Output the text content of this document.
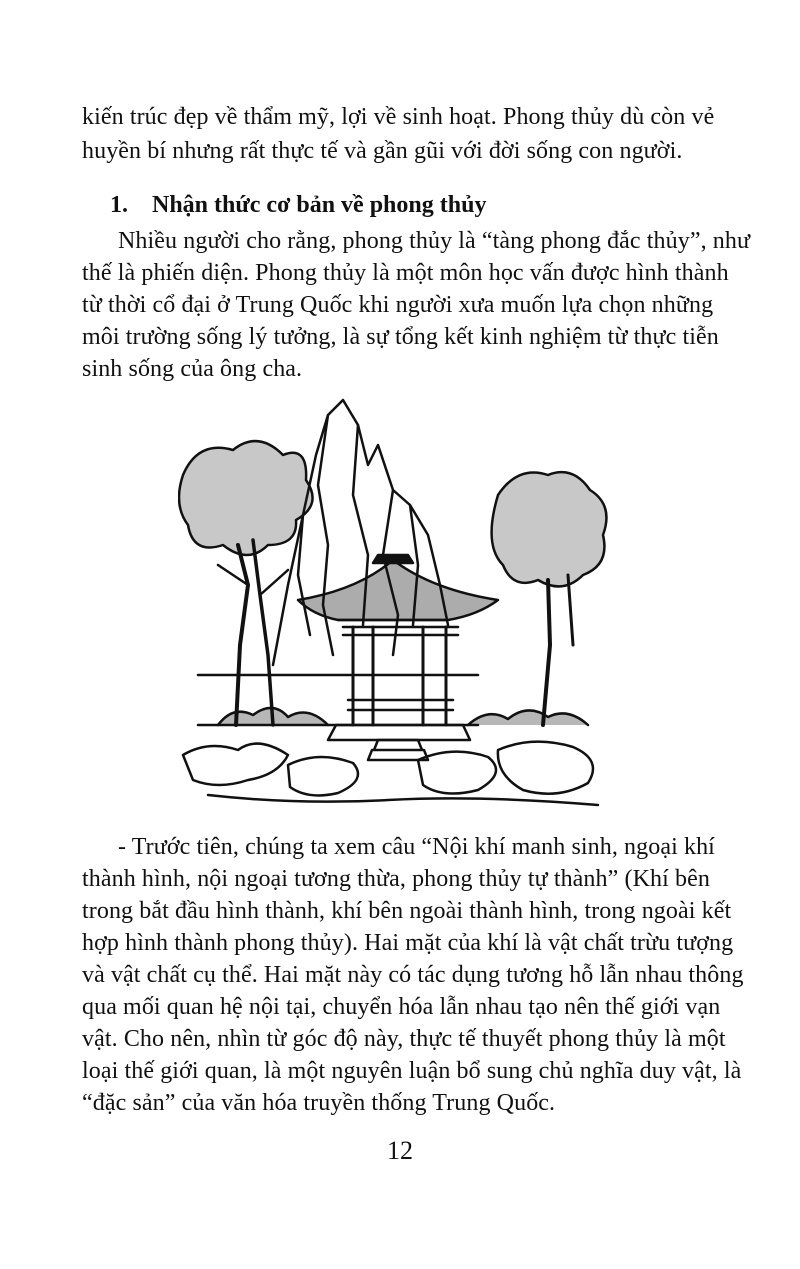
kiến trúc đẹp về thẩm mỹ, lợi về sinh hoạt. Phong thủy dù còn vẻ
huyền bí nhưng rất thực tế và gần gũi với đời sống con người.
1. Nhận thức cơ bản về phong thủy
Nhiều người cho rằng, phong thủy là “tàng phong đắc thủy”, như
thế là phiến diện. Phong thủy là một môn học vấn được hình thành
từ thời cổ đại ở Trung Quốc khi người xưa muốn lựa chọn những
môi trường sống lý tưởng, là sự tổng kết kinh nghiệm từ thực tiễn
sinh sống của ông cha.
- Trước tiên, chúng ta xem câu “Nội khí manh sinh, ngoại khí
thành hình, nội ngoại tương thừa, phong thủy tự thành” (Khí bên
trong bắt đầu hình thành, khí bên ngoài thành hình, trong ngoài kết
hợp hình thành phong thủy). Hai mặt của khí là vật chất trừu tượng
và vật chất cụ thể. Hai mặt này có tác dụng tương hỗ lẫn nhau thông
qua mối quan hệ nội tại, chuyển hóa lẫn nhau tạo nên thế giới vạn
vật. Cho nên, nhìn từ góc độ này, thực tế thuyết phong thủy là một
loại thế giới quan, là một nguyên luận bổ sung chủ nghĩa duy vật, là
“đặc sản” của văn hóa truyền thống Trung Quốc.
12
